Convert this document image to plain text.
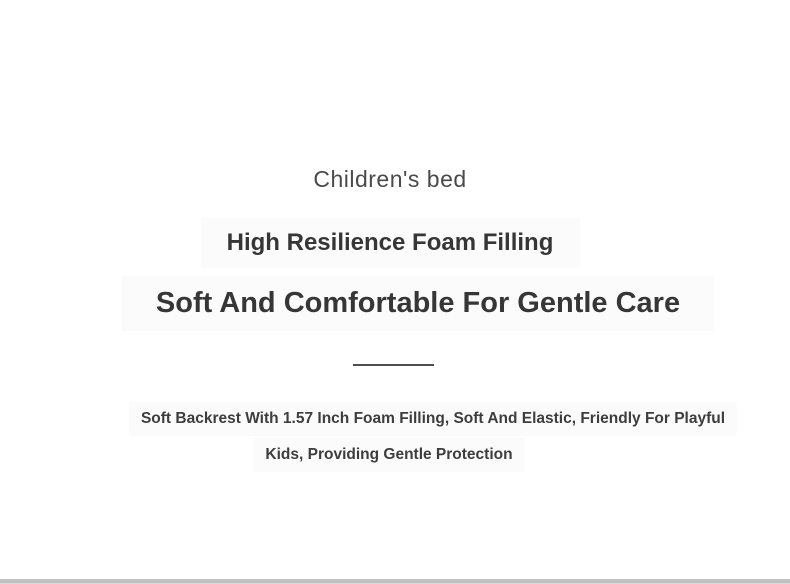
Children's bed
High Resilience Foam Filling
Soft And Comfortable For Gentle Care
Soft Backrest With 1.57 Inch Foam Filling, Soft And Elastic, Friendly For Playful
Kids, Providing Gentle Protection
